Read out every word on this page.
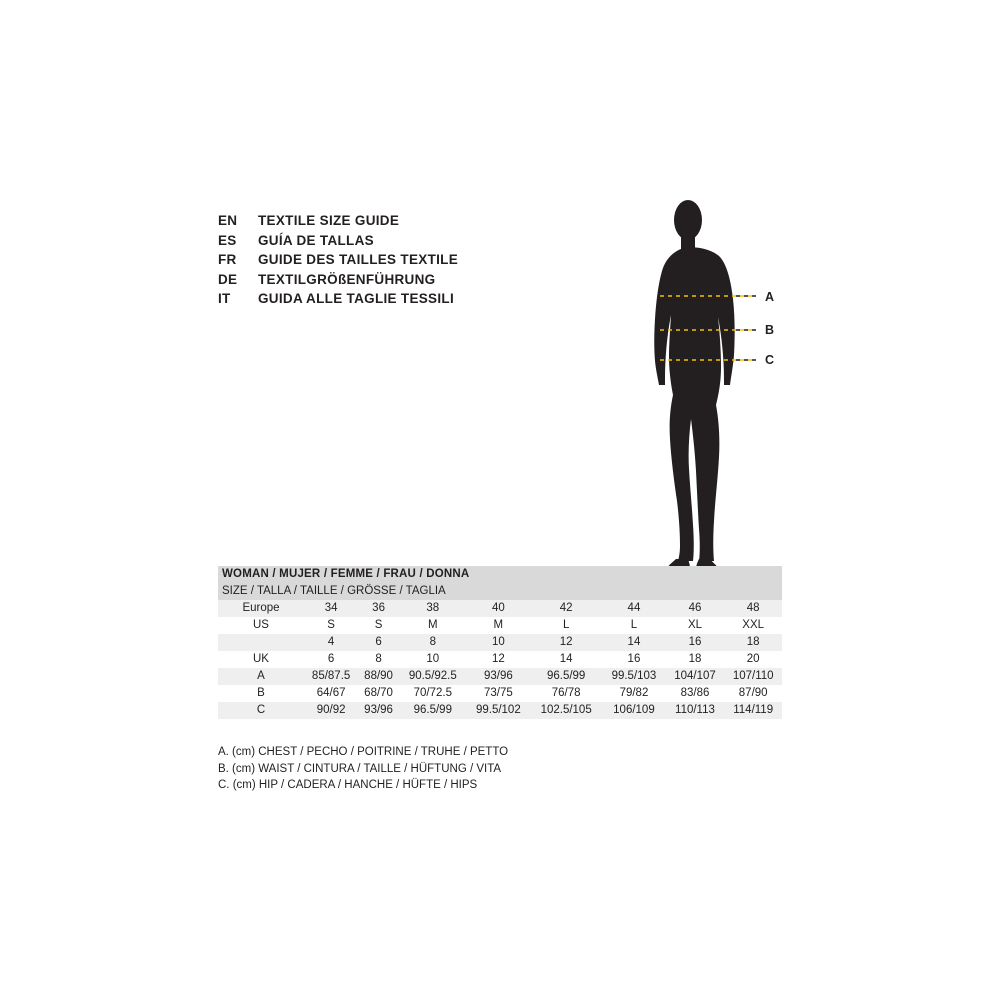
EN	TEXTILE SIZE GUIDE
ES	GUÍA DE TALLAS
FR	GUIDE DES TAILLES TEXTILE
DE	TEXTILGRÖßENFÜHRUNG
IT	GUIDA ALLE TAGLIE TESSILI	A
B
C
WOMAN / MUJER / FEMME / FRAU / DONNA								
SIZE / TALLA / TAILLE / GRÖSSE / TAGLIA								
Europe	34	36	38	40	42	44	46	48
US	S	S	M	M	L	L	XL	XXL
	4	6	8	10	12	14	16	18
UK	6	8	10	12	14	16	18	20
A	85/87.5	88/90	90.5/92.5	93/96	96.5/99	99.5/103	104/107	107/110
B	64/67	68/70	70/72.5	73/75	76/78	79/82	83/86	87/90
C	90/92	93/96	96.5/99	99.5/102	102.5/105	106/109	110/113	114/119
A. (cm) CHEST / PECHO / POITRINE / TRUHE / PETTO
B. (cm) WAIST / CINTURA / TAILLE / HÜFTUNG / VITA
C. (cm) HIP / CADERA / HANCHE / HÜFTE / HIPS
